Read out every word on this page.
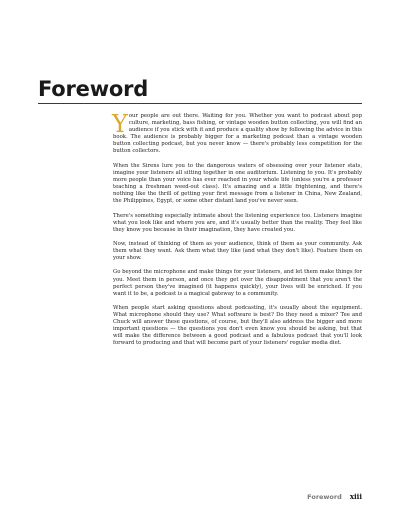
Foreword

Your people are out there. Waiting for you. Whether you want to podcast about pop culture, marketing, bass fishing, or vintage wooden button collecting, you will find an audience if you stick with it and produce a quality show by following the advice in this book. The audience is probably bigger for a marketing podcast than a vintage wooden button collecting podcast, but you never know — there's probably less competition for the button collectors.

When the Sirens lure you to the dangerous waters of obsessing over your listener stats, imagine your listeners all sitting together in one auditorium. Listening to you. It's probably more people than your voice has ever reached in your whole life (unless you're a professor teaching a freshman weed-out class). It's amazing and a little frightening, and there's nothing like the thrill of getting your first message from a listener in China, New Zealand, the Philippines, Egypt, or some other distant land you've never seen.

There's something especially intimate about the listening experience too. Listeners imagine what you look like and where you are, and it's usually better than the reality. They feel like they know you because in their imagination, they have created you.

Now, instead of thinking of them as your audience, think of them as your community. Ask them what they want. Ask them what they like (and what they don't like). Feature them on your show.

Go beyond the microphone and make things for your listeners, and let them make things for you. Meet them in person, and once they get over the disappointment that you aren't the perfect person they've imagined (it happens quickly), your lives will be enriched. If you want it to be, a podcast is a magical gateway to a community.

When people start asking questions about podcasting, it's usually about the equipment. What microphone should they use? What software is best? Do they need a mixer? Tee and Chuck will answer these questions, of course, but they'll also address the bigger and more important questions — the questions you don't even know you should be asking, but that will make the difference between a good podcast and a fabulous podcast that you'll look forward to producing and that will become part of your listeners' regular media diet.

Foreword xiii
